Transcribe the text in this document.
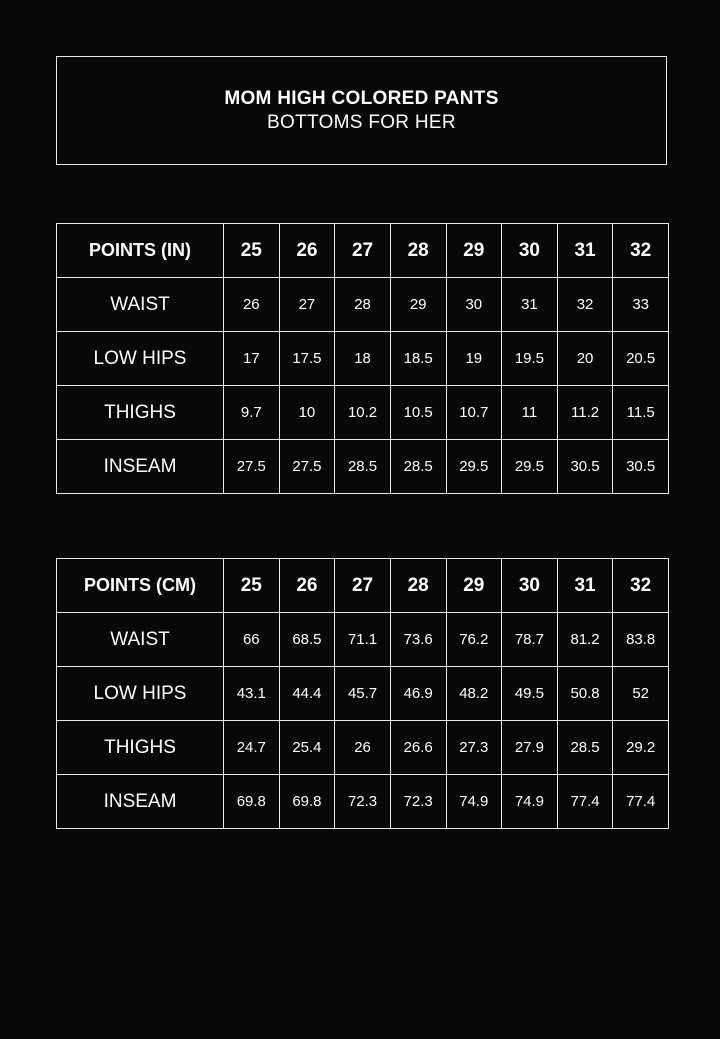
MOM HIGH COLORED PANTS
BOTTOMS FOR HER
POINTS (IN)	25	26	27	28	29	30	31	32
WAIST	26	27	28	29	30	31	32	33
LOW HIPS	17	17.5	18	18.5	19	19.5	20	20.5
THIGHS	9.7	10	10.2	10.5	10.7	11	11.2	11.5
INSEAM	27.5	27.5	28.5	28.5	29.5	29.5	30.5	30.5
POINTS (CM)	25	26	27	28	29	30	31	32
WAIST	66	68.5	71.1	73.6	76.2	78.7	81.2	83.8
LOW HIPS	43.1	44.4	45.7	46.9	48.2	49.5	50.8	52
THIGHS	24.7	25.4	26	26.6	27.3	27.9	28.5	29.2
INSEAM	69.8	69.8	72.3	72.3	74.9	74.9	77.4	77.4
